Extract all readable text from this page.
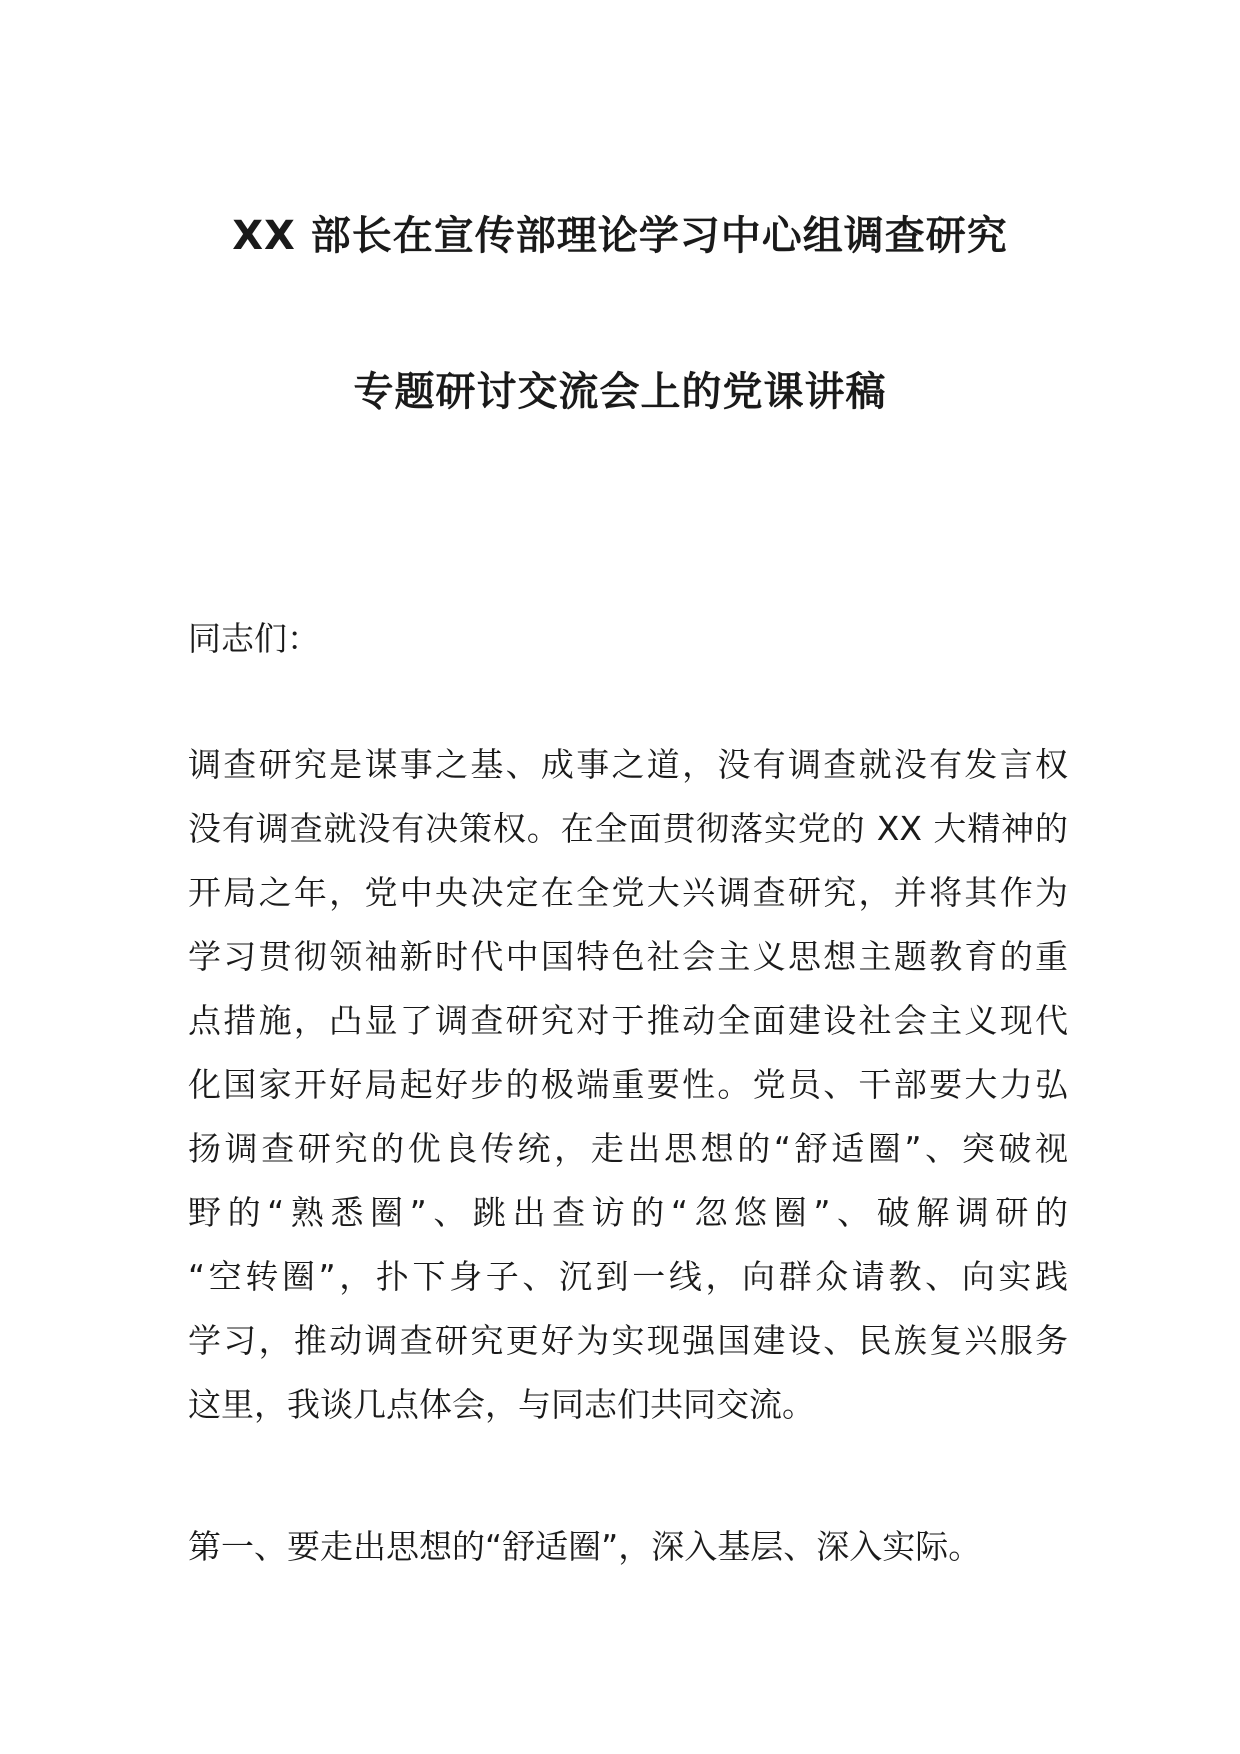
XX 部长在宣传部理论学习中心组调查研究
专题研讨交流会上的党课讲稿
同志们：
调查研究是谋事之基、成事之道，没有调查就没有发言权
没有调查就没有决策权。在全面贯彻落实党的 XX 大精神的
开局之年，党中央决定在全党大兴调查研究，并将其作为
学习贯彻领袖新时代中国特色社会主义思想主题教育的重
点措施，凸显了调查研究对于推动全面建设社会主义现代
化国家开好局起好步的极端重要性。党员、干部要大力弘
扬调查研究的优良传统，走出思想的“舒适圈”、突破视
野的“熟悉圈”、跳出查访的“忽悠圈”、破解调研的
“空转圈”，扑下身子、沉到一线，向群众请教、向实践
学习，推动调查研究更好为实现强国建设、民族复兴服务
这里，我谈几点体会，与同志们共同交流。
第一、要走出思想的“舒适圈”，深入基层、深入实际。
